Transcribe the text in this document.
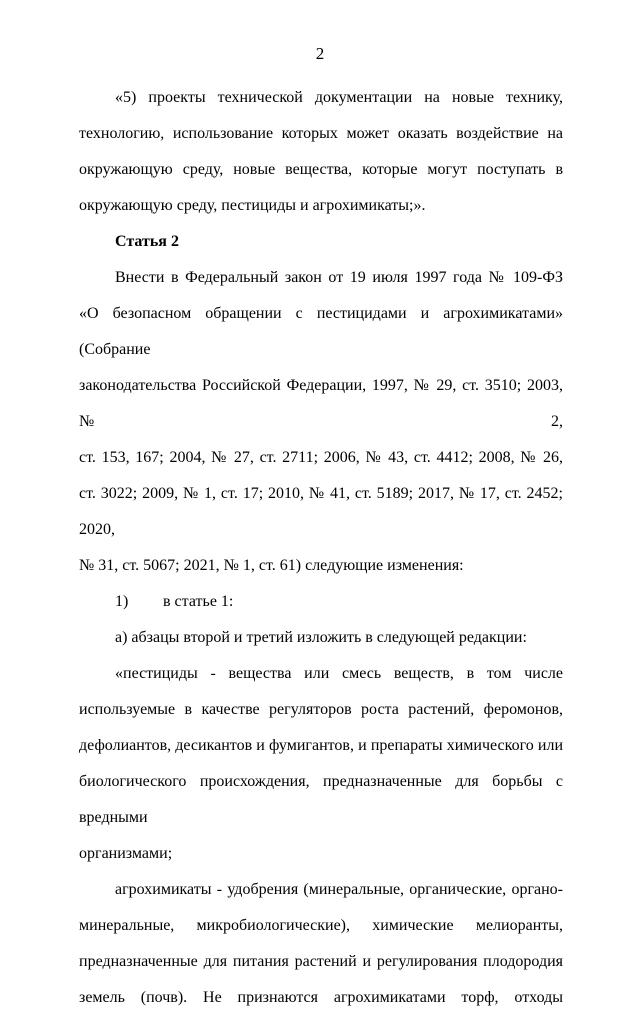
2
«5) проекты технической документации на новые технику,
технологию, использование которых может оказать воздействие на
окружающую среду, новые вещества, которые могут поступать в
окружающую среду, пестициды и агрохимикаты;».
Статья 2
Внести в Федеральный закон от 19 июля 1997 года № 109-ФЗ
«О безопасном обращении с пестицидами и агрохимикатами» (Собрание
законодательства Российской Федерации, 1997, № 29, ст. 3510; 2003, № 2,
ст. 153, 167; 2004, № 27, ст. 2711; 2006, № 43, ст. 4412; 2008, № 26,
ст. 3022; 2009, № 1, ст. 17; 2010, № 41, ст. 5189; 2017, № 17, ст. 2452; 2020,
№ 31, ст. 5067; 2021, № 1, ст. 61) следующие изменения:
1)	в статье 1:
а) абзацы второй и третий изложить в следующей редакции:
«пестициды - вещества или смесь веществ, в том числе
используемые в качестве регуляторов роста растений, феромонов,
дефолиантов, десикантов и фумигантов, и препараты химического или
биологического происхождения, предназначенные для борьбы с вредными
организмами;
агрохимикаты - удобрения (минеральные, органические, органо-
минеральные, микробиологические), химические мелиоранты,
предназначенные для питания растений и регулирования плодородия
земель (почв). Не признаются агрохимикатами торф, отходы
